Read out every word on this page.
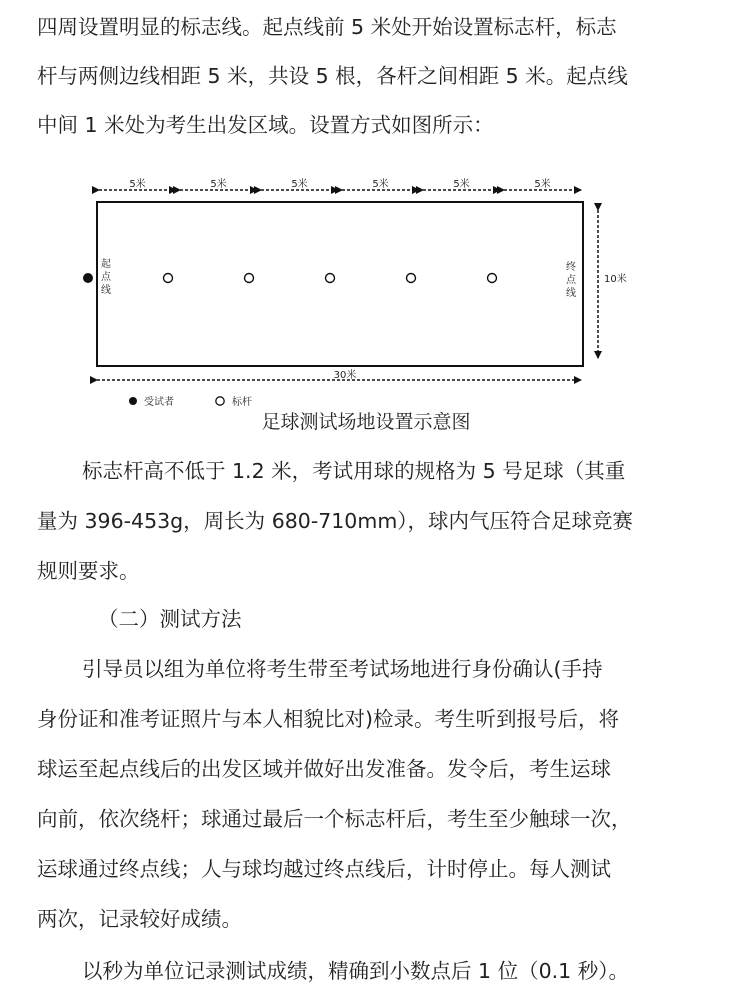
四周设置明显的标志线。起点线前 5 米处开始设置标志杆，标志
杆与两侧边线相距 5 米，共设 5 根，各杆之间相距 5 米。起点线
中间 1 米处为考生出发区域。设置方式如图所示：
5米	5米	5米	5米	5米	5米
起
点
线
终
点
线
10米
30米
受试者	标杆
足球测试场地设置示意图
标志杆高不低于 1.2 米，考试用球的规格为 5 号足球（其重
量为 396-453g，周长为 680-710mm），球内气压符合足球竞赛
规则要求。
（二）测试方法
引导员以组为单位将考生带至考试场地进行身份确认(手持
身份证和准考证照片与本人相貌比对)检录。考生听到报号后，将
球运至起点线后的出发区域并做好出发准备。发令后，考生运球
向前，依次绕杆；球通过最后一个标志杆后，考生至少触球一次，
运球通过终点线；人与球均越过终点线后，计时停止。每人测试
两次，记录较好成绩。
以秒为单位记录测试成绩，精确到小数点后 1 位（0.1 秒）。
